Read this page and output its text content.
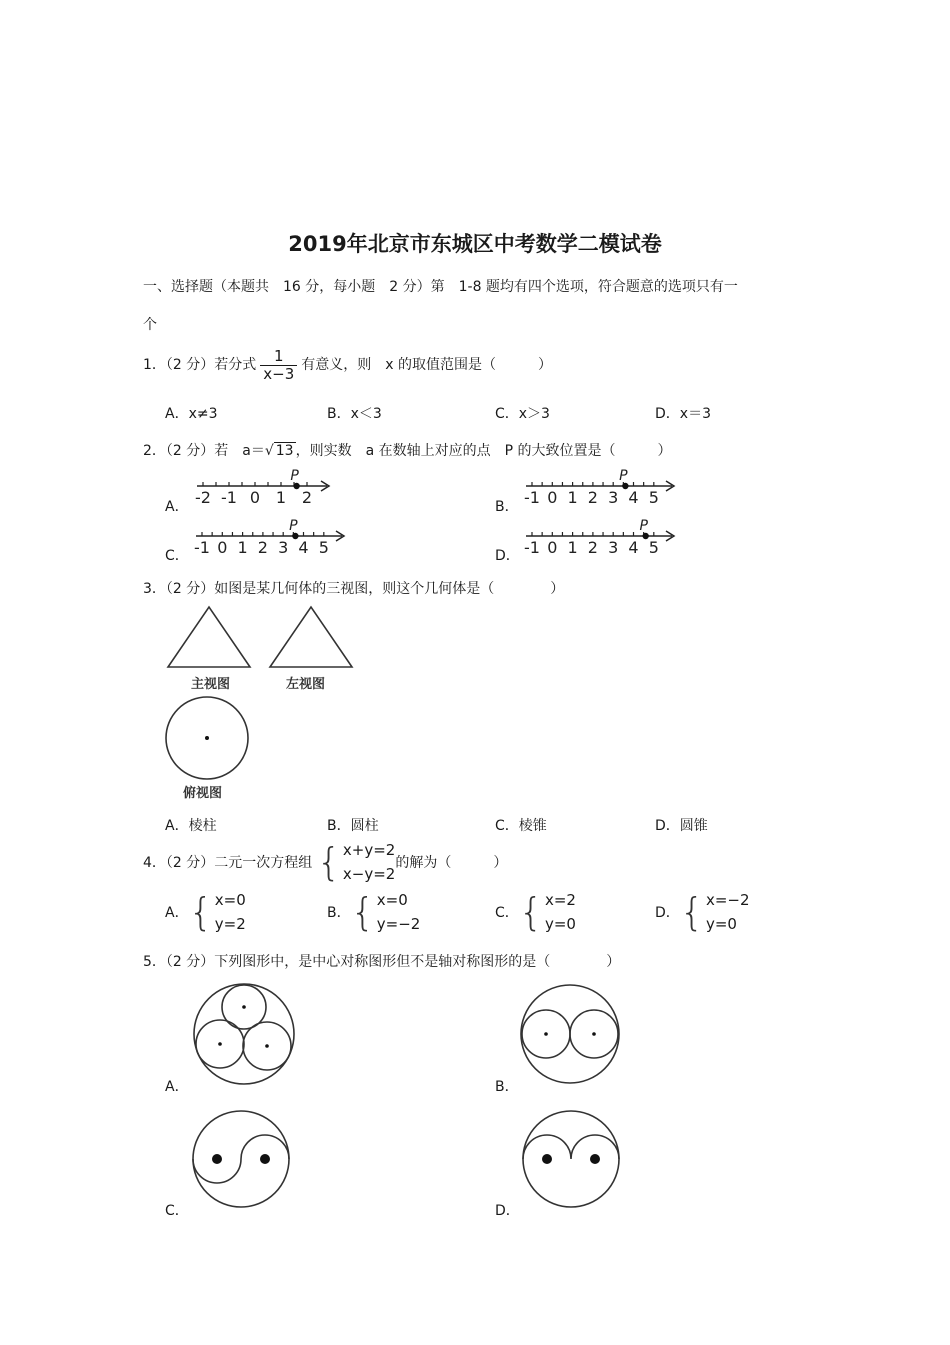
2019年北京市东城区中考数学二模试卷
一、选择题（本题共　16 分，每小题　2 分）第　1-8 题均有四个选项，符合题意的选项只有一
个
1．（2 分）若分式 $\frac{1}{x-3}$ 有意义，则　x 的取值范围是（　　　）
A．x≠3	B．x＜3	C．x＞3	D．x＝3
2．（2 分）若　a＝√ 13 ，则实数　a 在数轴上对应的点　P 的大致位置是（　　　）
A．	B．
C．	D．
-2 -1 0 1 2
P
-1 0 1 2 3 4 5
P
-1 0 1 2 3 4 5
P
-1 0 1 2 3 4 5
P
3．（2 分）如图是某几何体的三视图，则这个几何体是（　　　　）
主视图	左视图
俯视图
A．棱柱	B．圆柱	C．棱锥	D．圆锥
4．（2 分）二元一次方程组 { x+y=2
x−y=2
的解为（　　　）
A． { x=0
y=2
B． { x=0
y=−2
C． { x=2
y=0
D． { x=−2
y=0
5．（2 分）下列图形中，是中心对称图形但不是轴对称图形的是（　　　　）
A．	B．
C．	D．
